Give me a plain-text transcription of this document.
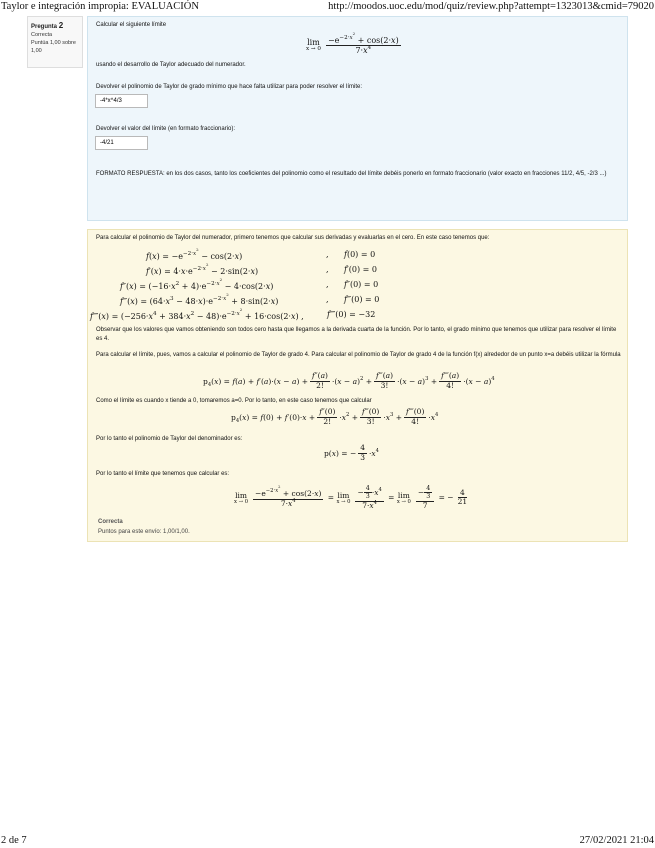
Taylor e integración impropia: EVALUACIÓN	http://moodos.uoc.edu/mod/quiz/review.php?attempt=1323013&cmid=79020
Pregunta 2
Correcta
Puntúa 1,00 sobre
1,00

Calcular el siguiente límite

lim
$x \to 0 \frac{-e^{-2\cdot x^2} + \cos(2\cdot x)}{7\cdot x^4}$

usando el desarrollo de Taylor adecuado del numerador.

Devolver el polinomio de Taylor de grado mínimo que hace falta utilizar para poder resolver el límite:

-4*x^4/3

Devolver el valor del límite (en formato fraccionario):

-4/21

FORMATO RESPUESTA: en los dos casos, tanto los coeficientes del polinomio como el resultado del límite debéis ponerlo en formato fraccionario (valor exacto en fracciones 11/2, 4/5, -2/3 ...)

Para calcular el polinomio de Taylor del numerador, primero tenemos que calcular sus derivadas y evaluarlas en el cero. En este caso tenemos que:
$f(x) = -e^{-2\cdot x^2} - \cos(2\cdot x)$	, f(0) = 0
$f'(x) = 4\cdot x\cdot e^{-2\cdot x^2} - 2\cdot\sin(2\cdot x)$	, f′(0) = 0
$f''(x) = (-16\cdot x^2 + 4)\cdot e^{-2\cdot x^2} - 4\cdot\cos(2\cdot x)$	, f″(0) = 0
f‴(x) = $(64\cdot x^3 - 48\cdot x)\cdot e^{-2\cdot x^2} + 8\cdot\sin(2\cdot x)$	, f‴(0) = 0
f⁗(x) = $(-256\cdot x^4 + 384\cdot x^2 - 48)\cdot e^{-2\cdot x^2} + 16\cdot\cos(2\cdot x)$ ,	f⁗(0) = −32
Observar que los valores que vamos obteniendo son todos cero hasta que llegamos a la derivada cuarta de la función. Por lo tanto, el grado mínimo que tenemos que utilizar para resolver el límite es 4.
Para calcular el límite, pues, vamos a calcular el polinomio de Taylor de grado 4. Para calcular el polinomio de Taylor de grado 4 de la función f(x) alrededor de un punto x=a debéis utilizar la fórmula
$p_4(x) = f(a) + f'(a)\cdot(x - a) + \frac{f''(a)}{2!} \cdot(x - a)^2 + \frac{f‴(a)}{3!} \cdot(x - a)^3 + \frac{f⁗(a)}{4!} \cdot(x - a)^4$
Como el límite es cuando x tiende a 0, tomaremos a=0. Por lo tanto, en este caso tenemos que calcular
$p_4(x) = f(0) + f'(0)\cdot x + \frac{f''(0)}{2!} \cdot x^2 + \frac{f‴(0)}{3!} \cdot x^3 + \frac{f⁗(0)}{4!} \cdot x^4$
Por lo tanto el polinomio de Taylor del denominador es:
p(x) = − $\frac{4}{3} \cdot x^4$
Por lo tanto el límite que tenemos que calcular es:
lim
$x \to 0 \frac{-e^{-2\cdot x^2} + \cos(2\cdot x)}{7\cdot x^4} = \lim$
$x \to 0 \frac{- \frac{4}{3} \cdot x^4}{7\cdot x^4} = \lim$
$x \to 0 \frac{- \frac{4}{3}}{7}$ = − $\frac{4}{21}$
Correcta
Puntos para este envío: 1,00/1,00.
2 de 7	27/02/2021 21:04
